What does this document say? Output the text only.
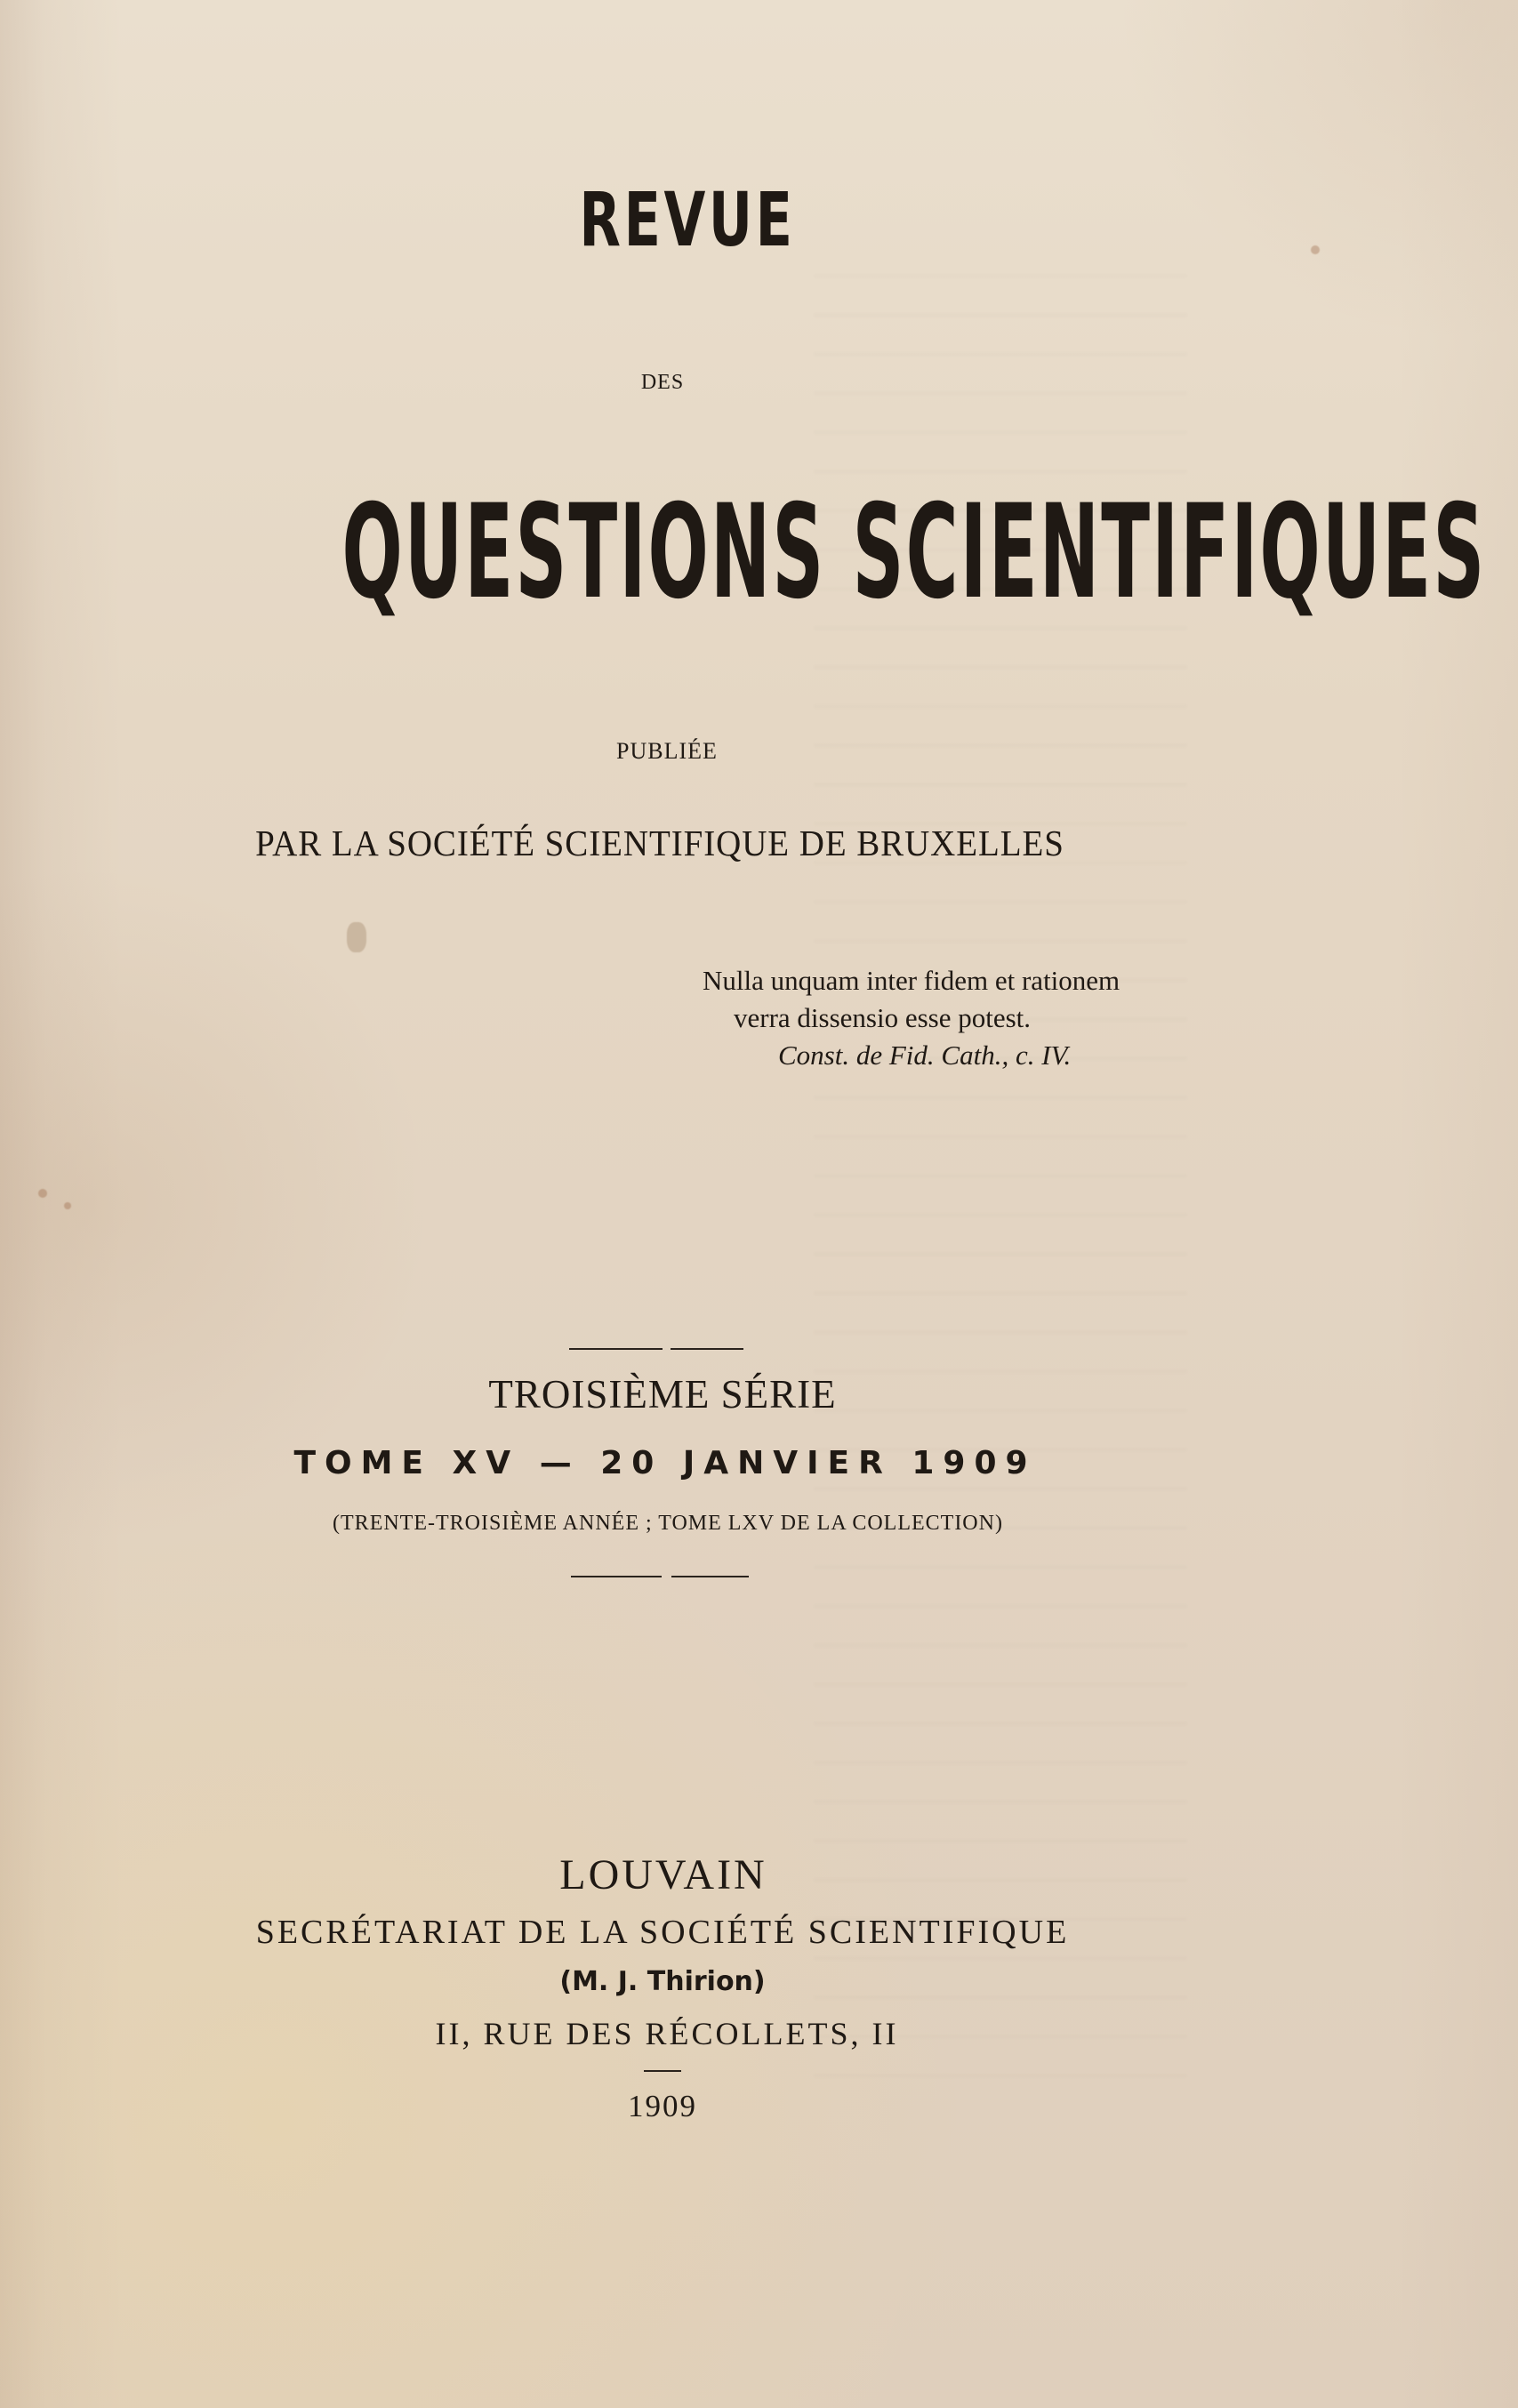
REVUE
DES
QUESTIONS SCIENTIFIQUES
PUBLIÉE
PAR LA SOCIÉTÉ SCIENTIFIQUE DE BRUXELLES
Nulla unquam inter fidem et rationem
verra dissensio esse potest.
Const. de Fid. Cath., c. IV.
TROISIÈME SÉRIE
TOME XV — 20 JANVIER 1909
(TRENTE-TROISIÈME ANNÉE ; TOME LXV DE LA COLLECTION)
LOUVAIN
SECRÉTARIAT DE LA SOCIÉTÉ SCIENTIFIQUE
(M. J. Thirion)
II, RUE DES RÉCOLLETS, II
1909
